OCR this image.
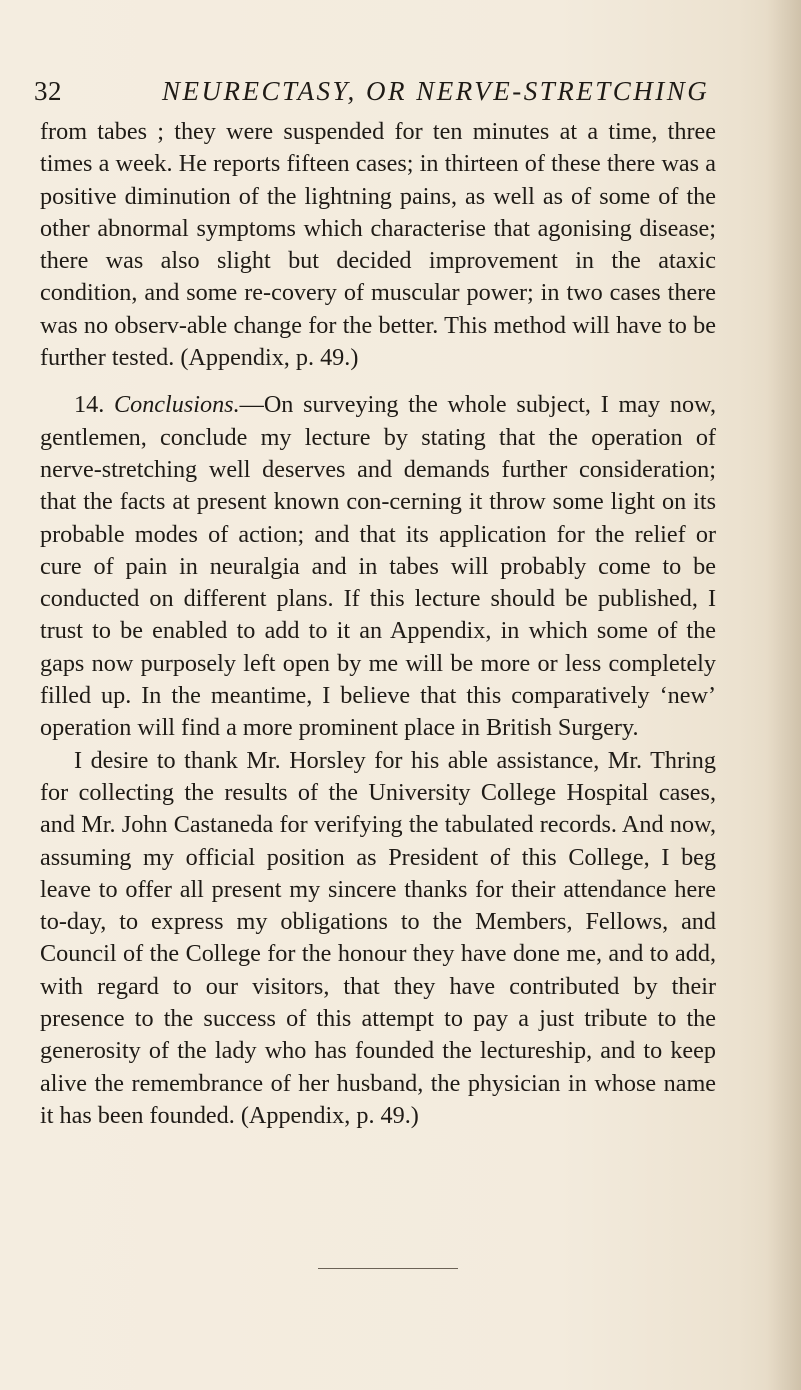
32	NEURECTASY, OR NERVE-STRETCHING

from tabes ; they were suspended for ten minutes at a time, three times a week. He reports fifteen cases; in thirteen of these there was a positive diminution of the lightning pains, as well as of some of the other abnormal symptoms which characterise that agonising disease; there was also slight but decided improvement in the ataxic condition, and some re-covery of muscular power; in two cases there was no observ-able change for the better. This method will have to be further tested. (Appendix, p. 49.)

14. Conclusions.—On surveying the whole subject, I may now, gentlemen, conclude my lecture by stating that the operation of nerve-stretching well deserves and demands further consideration; that the facts at present known con-cerning it throw some light on its probable modes of action; and that its application for the relief or cure of pain in neuralgia and in tabes will probably come to be conducted on different plans. If this lecture should be published, I trust to be enabled to add to it an Appendix, in which some of the gaps now purposely left open by me will be more or less completely filled up. In the meantime, I believe that this comparatively ‘new’ operation will find a more prominent place in British Surgery.

I desire to thank Mr. Horsley for his able assistance, Mr. Thring for collecting the results of the University College Hospital cases, and Mr. John Castaneda for verifying the tabulated records. And now, assuming my official position as President of this College, I beg leave to offer all present my sincere thanks for their attendance here to-day, to express my obligations to the Members, Fellows, and Council of the College for the honour they have done me, and to add, with regard to our visitors, that they have contributed by their presence to the success of this attempt to pay a just tribute to the generosity of the lady who has founded the lectureship, and to keep alive the remembrance of her husband, the physician in whose name it has been founded. (Appendix, p. 49.)
